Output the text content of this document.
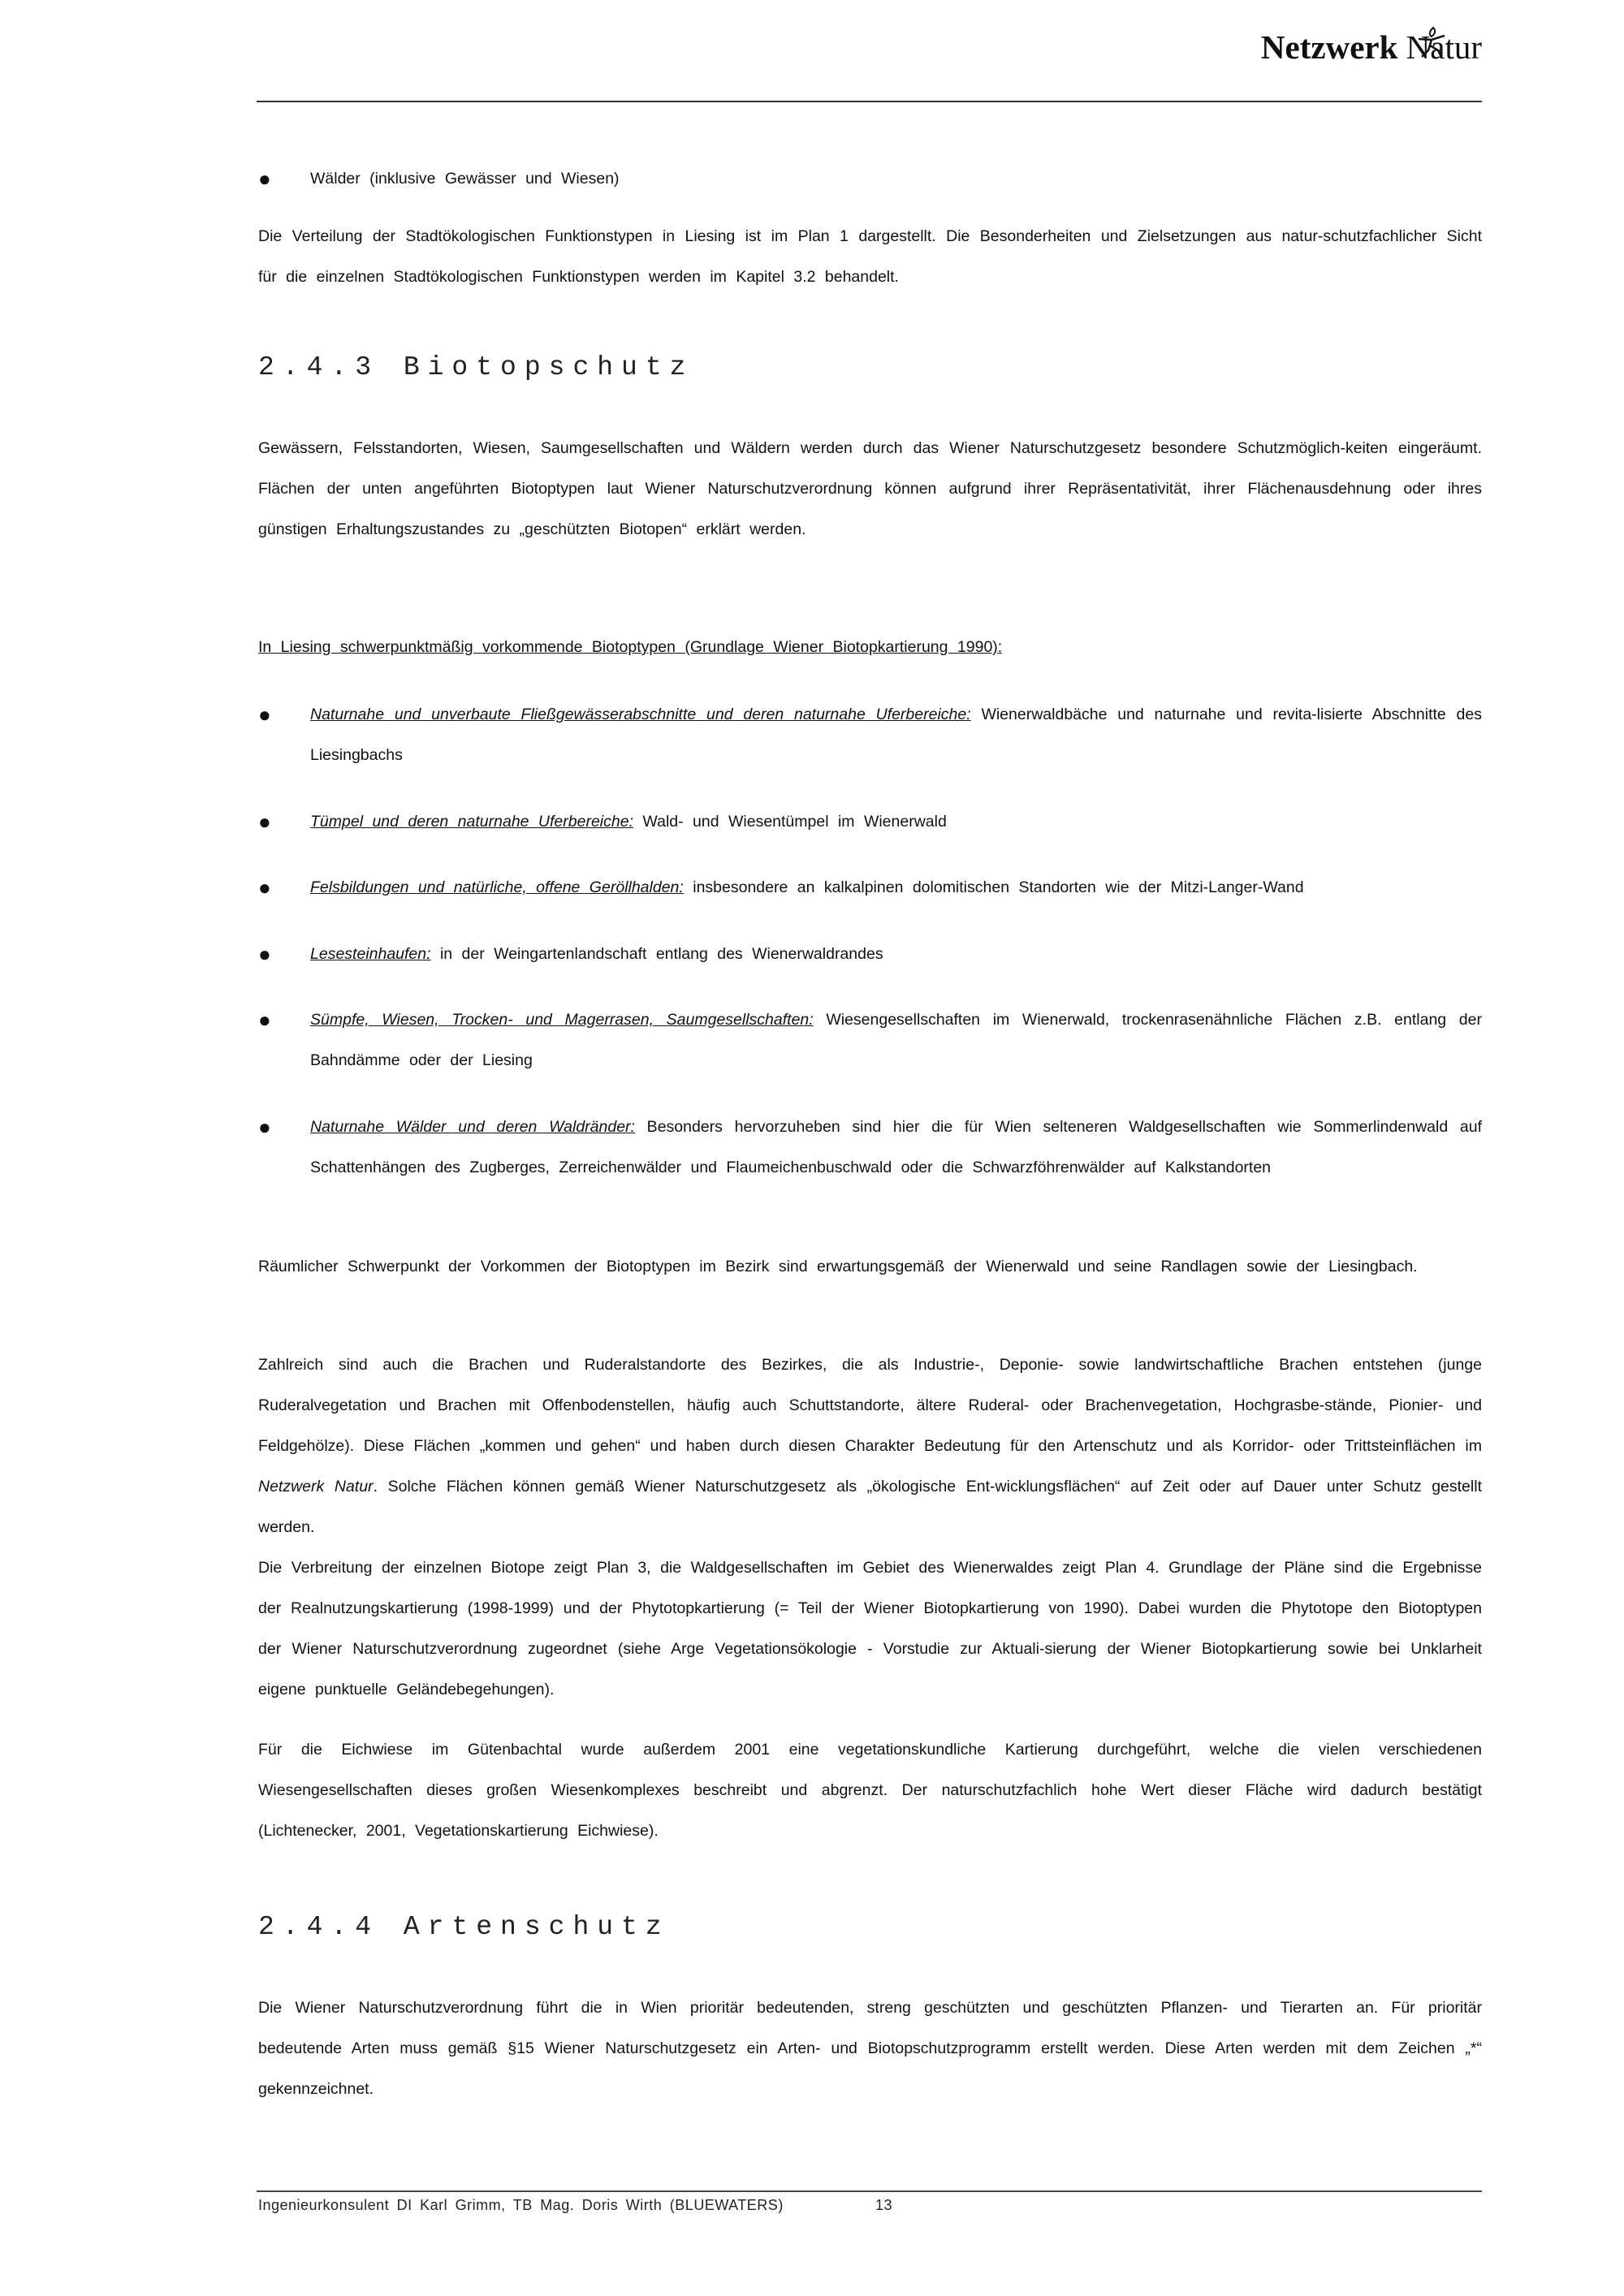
Netzwerk Natur
● Wälder (inklusive Gewässer und Wiesen)
Die Verteilung der Stadtökologischen Funktionstypen in Liesing ist im Plan 1 dargestellt. Die Besonderheiten und Zielsetzungen aus natur-schutzfachlicher Sicht für die einzelnen Stadtökologischen Funktionstypen werden im Kapitel 3.2 behandelt.
2.4.3 Biotopschutz
Gewässern, Felsstandorten, Wiesen, Saumgesellschaften und Wäldern werden durch das Wiener Naturschutzgesetz besondere Schutzmöglich-keiten eingeräumt. Flächen der unten angeführten Biotoptypen laut Wiener Naturschutzverordnung können aufgrund ihrer Repräsentativität, ihrer Flächenausdehnung oder ihres günstigen Erhaltungszustandes zu „geschützten Biotopen“ erklärt werden.
In Liesing schwerpunktmäßig vorkommende Biotoptypen (Grundlage Wiener Biotopkartierung 1990):
● Naturnahe und unverbaute Fließgewässerabschnitte und deren naturnahe Uferbereiche: Wienerwaldbäche und naturnahe und revita-lisierte Abschnitte des Liesingbachs
● Tümpel und deren naturnahe Uferbereiche: Wald- und Wiesentümpel im Wienerwald
● Felsbildungen und natürliche, offene Geröllhalden: insbesondere an kalkalpinen dolomitischen Standorten wie der Mitzi-Langer-Wand
● Lesesteinhaufen: in der Weingartenlandschaft entlang des Wienerwaldrandes
● Sümpfe, Wiesen, Trocken- und Magerrasen, Saumgesellschaften: Wiesengesellschaften im Wienerwald, trockenrasenähnliche Flächen z.B. entlang der Bahndämme oder der Liesing
● Naturnahe Wälder und deren Waldränder: Besonders hervorzuheben sind hier die für Wien selteneren Waldgesellschaften wie Sommerlindenwald auf Schattenhängen des Zugberges, Zerreichenwälder und Flaumeichenbuschwald oder die Schwarzföhrenwälder auf Kalkstandorten
Räumlicher Schwerpunkt der Vorkommen der Biotoptypen im Bezirk sind erwartungsgemäß der Wienerwald und seine Randlagen sowie der Liesingbach.
Zahlreich sind auch die Brachen und Ruderalstandorte des Bezirkes, die als Industrie-, Deponie- sowie landwirtschaftliche Brachen entstehen (junge Ruderalvegetation und Brachen mit Offenbodenstellen, häufig auch Schuttstandorte, ältere Ruderal- oder Brachenvegetation, Hochgrasbe-stände, Pionier- und Feldgehölze). Diese Flächen „kommen und gehen“ und haben durch diesen Charakter Bedeutung für den Artenschutz und als Korridor- oder Trittsteinflächen im Netzwerk Natur. Solche Flächen können gemäß Wiener Naturschutzgesetz als „ökologische Ent-wicklungsflächen“ auf Zeit oder auf Dauer unter Schutz gestellt werden.
Die Verbreitung der einzelnen Biotope zeigt Plan 3, die Waldgesellschaften im Gebiet des Wienerwaldes zeigt Plan 4. Grundlage der Pläne sind die Ergebnisse der Realnutzungskartierung (1998-1999) und der Phytotopkartierung (= Teil der Wiener Biotopkartierung von 1990). Dabei wurden die Phytotope den Biotoptypen der Wiener Naturschutzverordnung zugeordnet (siehe Arge Vegetationsökologie - Vorstudie zur Aktuali-sierung der Wiener Biotopkartierung sowie bei Unklarheit eigene punktuelle Geländebegehungen).
Für die Eichwiese im Gütenbachtal wurde außerdem 2001 eine vegetationskundliche Kartierung durchgeführt, welche die vielen verschiedenen Wiesengesellschaften dieses großen Wiesenkomplexes beschreibt und abgrenzt. Der naturschutzfachlich hohe Wert dieser Fläche wird dadurch bestätigt (Lichtenecker, 2001, Vegetationskartierung Eichwiese).
2.4.4 Artenschutz
Die Wiener Naturschutzverordnung führt die in Wien prioritär bedeutenden, streng geschützten und geschützten Pflanzen- und Tierarten an. Für prioritär bedeutende Arten muss gemäß §15 Wiener Naturschutzgesetz ein Arten- und Biotopschutzprogramm erstellt werden. Diese Arten werden mit dem Zeichen „*“ gekennzeichnet.
Ingenieurkonsulent DI Karl Grimm, TB Mag. Doris Wirth (BLUEWATERS)	13
